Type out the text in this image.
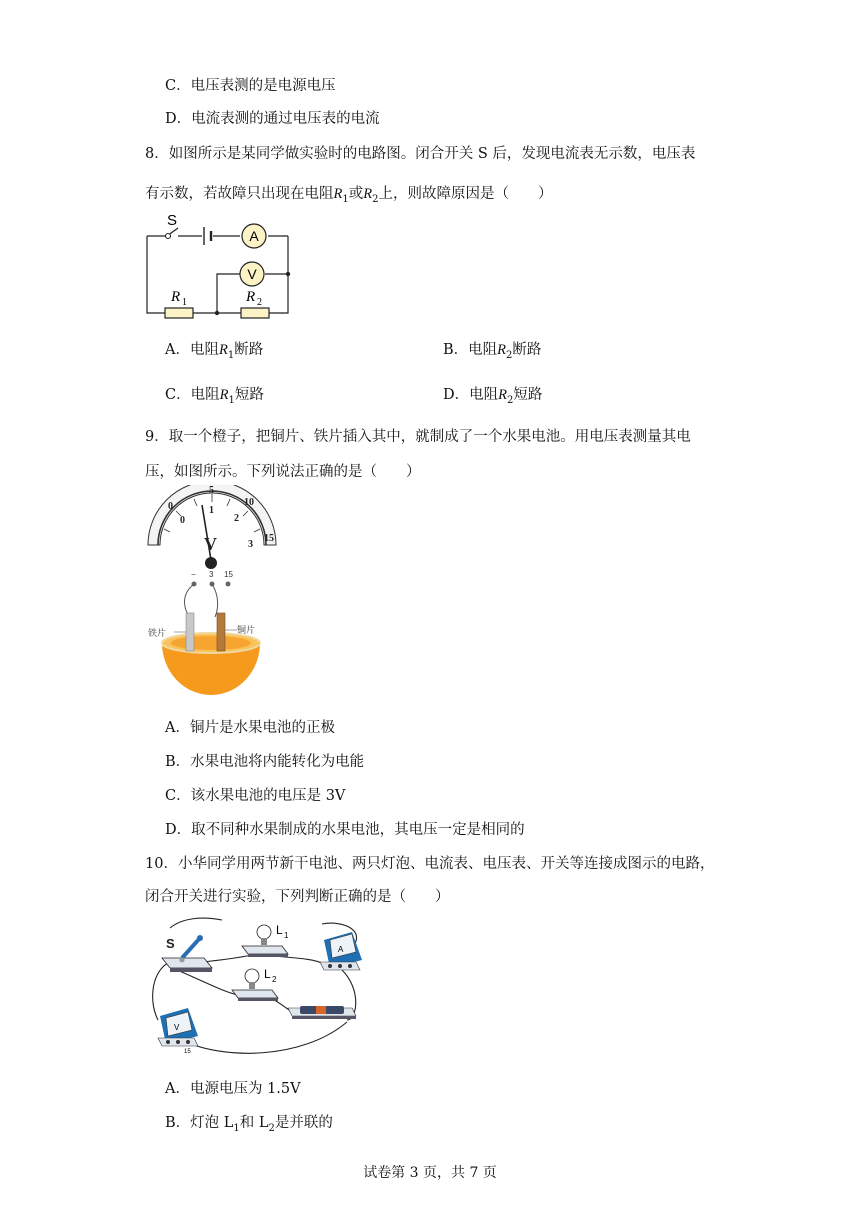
C．电压表测的是电源电压
D．电流表测的通过电压表的电流
8．如图所示是某同学做实验时的电路图。闭合开关 S 后，发现电流表无示数，电压表
有示数，若故障只出现在电阻$R_1$或$R_2$上，则故障原因是（　　）
A
V
R 1	R 2
S
A．电阻$R_1$断路	B．电阻$R_2$断路
C．电阻$R_1$短路	D．电阻$R_2$短路
9．取一个橙子，把铜片、铁片插入其中，就制成了一个水果电池。用电压表测量其电
压，如图所示。下列说法正确的是（　　）
0
5
10
15
0
1
2
3
V
− 3 15
铁片	铜片
A．铜片是水果电池的正极
B．水果电池将内能转化为电能
C．该水果电池的电压是 3V
D．取不同种水果制成的水果电池，其电压一定是相同的
10．小华同学用两节新干电池、两只灯泡、电流表、电压表、开关等连接成图示的电路，
闭合开关进行实验，下列判断正确的是（　　）
S
L 1
L 2
A
V
15
A．电源电压为 1.5V
B．灯泡 $L_1$和 $L_2$是并联的
试卷第 3 页，共 7 页
